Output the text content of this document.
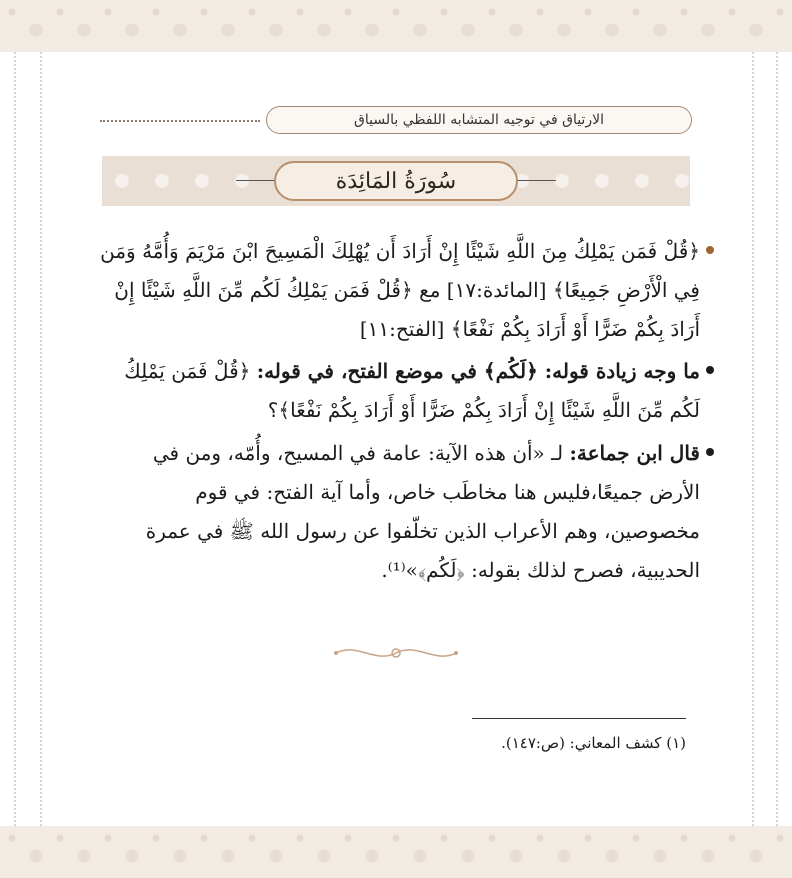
الارتياق في توجيه المتشابه اللفظي بالسياق
سُورَةُ المَائِدَة
﴿قُلْ فَمَن يَمْلِكُ مِنَ اللَّهِ شَيْئًا إِنْ أَرَادَ أَن يُهْلِكَ الْمَسِيحَ ابْنَ مَرْيَمَ وَأُمَّهُ وَمَن فِي الْأَرْضِ جَمِيعًا﴾ [المائدة:١٧] مع ﴿قُلْ فَمَن يَمْلِكُ لَكُم مِّنَ اللَّهِ شَيْئًا إِنْ أَرَادَ بِكُمْ ضَرًّا أَوْ أَرَادَ بِكُمْ نَفْعًا﴾ [الفتح:١١]
ما وجه زيادة قوله: ﴿لَكُم﴾ في موضع الفتح، في قوله: ﴿قُلْ فَمَن يَمْلِكُ لَكُم مِّنَ اللَّهِ شَيْئًا إِنْ أَرَادَ بِكُمْ ضَرًّا أَوْ أَرَادَ بِكُمْ نَفْعًا﴾؟
قال ابن جماعة: لـ «أن هذه الآية: عامة في المسيح، وأُمّه، ومن في الأرض جميعًا،فليس هنا مخاطَب خاص، وأما آية الفتح: في قوم مخصوصين، وهم الأعراب الذين تخلّفوا عن رسول الله ﷺ في عمرة الحديبية، فصرح لذلك بقوله: ﴿لَكُم﴾»⁽¹⁾.
(١) كشف المعاني: (ص:١٤٧).
